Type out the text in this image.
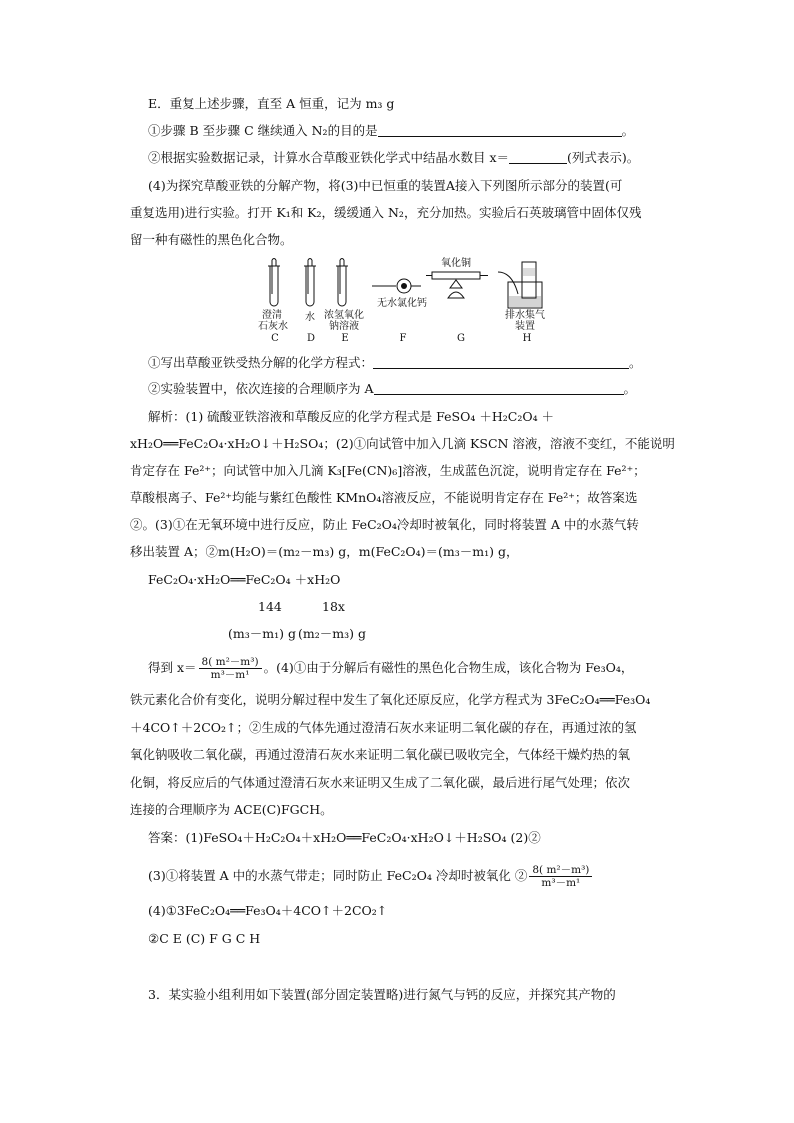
E．重复上述步骤，直至 A 恒重，记为 m₃ g
①步骤 B 至步骤 C 继续通入 N₂的目的是	。
②根据实验数据记录，计算水合草酸亚铁化学式中结晶水数目 x＝	(列式表示)。
(4)为探究草酸亚铁的分解产物，将(3)中已恒重的装置A接入下列图所示部分的装置(可
重复选用)进行实验。打开 K₁和 K₂，缓缓通入 N₂，充分加热。实验后石英玻璃管中固体仅残
留一种有磁性的黑色化合物。
澄清
石灰水
水 浓氢氧化
钠溶液
无水氯化钙
氧化铜
排水集气
装置
C	D	E	F	G	H
①写出草酸亚铁受热分解的化学方程式：	。
②实验装置中，依次连接的合理顺序为 A	。
解析：(1) 硫酸亚铁溶液和草酸反应的化学方程式是 FeSO₄ ＋H₂C₂O₄ ＋
xH₂O══FeC₂O₄·xH₂O↓＋H₂SO₄；(2)①向试管中加入几滴 KSCN 溶液，溶液不变红，不能说明
肯定存在 Fe²⁺；向试管中加入几滴 K₃[Fe(CN)₆]溶液，生成蓝色沉淀，说明肯定存在 Fe²⁺；
草酸根离子、Fe²⁺均能与紫红色酸性 KMnO₄溶液反应，不能说明肯定存在 Fe²⁺；故答案选
②。(3)①在无氧环境中进行反应，防止 FeC₂O₄冷却时被氧化，同时将装置 A 中的水蒸气转
移出装置 A；②m(H₂O)＝(m₂－m₃) g，m(FeC₂O₄)＝(m₃－m₁) g，
FeC₂O₄·xH₂O══FeC₂O₄ ＋xH₂O
144	18x
(m₃－m₁) g (m₂－m₃) g
得到 $x= \frac{\text{8( m²－m³)}}{\text{m³－m¹}}$ 。(4)①由于分解后有磁性的黑色化合物生成，该化合物为 Fe₃O₄，
铁元素化合价有变化，说明分解过程中发生了氧化还原反应，化学方程式为 3FeC₂O₄══Fe₃O₄
＋4CO↑＋2CO₂↑；②生成的气体先通过澄清石灰水来证明二氧化碳的存在，再通过浓的氢
氧化钠吸收二氧化碳，再通过澄清石灰水来证明二氧化碳已吸收完全，气体经干燥灼热的氧
化铜，将反应后的气体通过澄清石灰水来证明又生成了二氧化碳，最后进行尾气处理；依次
连接的合理顺序为 ACE(C)FGCH。
答案：(1)FeSO₄＋H₂C₂O₄＋xH₂O══FeC₂O₄·xH₂O↓＋H₂SO₄ (2)②
(3)①将装置 A 中的水蒸气带走；同时防止 FeC₂O₄ 冷却时被氧化 ② $\frac{\text{8( m²－m³)}}{\text{m³－m¹}}$
(4)①3FeC₂O₄══Fe₃O₄＋4CO↑＋2CO₂↑
②C E (C) F G C H
3．某实验小组利用如下装置(部分固定装置略)进行氮气与钙的反应，并探究其产物的
